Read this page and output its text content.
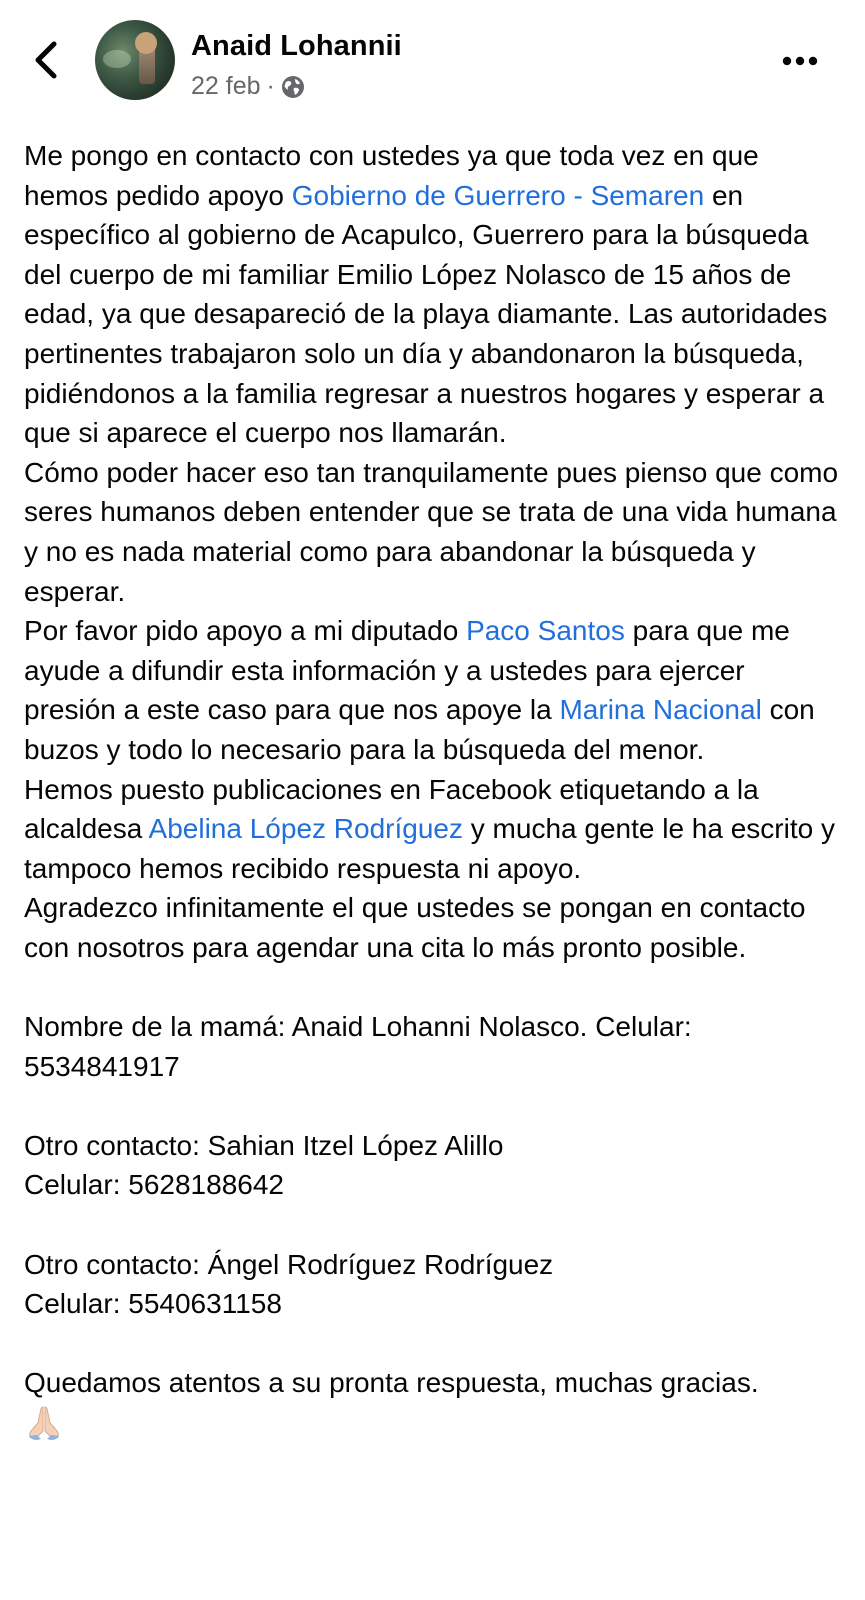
Anaid Lohannii
22 feb ·

Me pongo en contacto con ustedes ya que toda vez en que hemos pedido apoyo Gobierno de Guerrero - Semaren en específico al gobierno de Acapulco, Guerrero para la búsqueda del cuerpo de mi familiar Emilio López Nolasco de 15 años de edad, ya que desapareció de la playa diamante. Las autoridades pertinentes trabajaron solo un día y abandonaron la búsqueda, pidiéndonos a la familia regresar a nuestros hogares y esperar a que si aparece el cuerpo nos llamarán.

Cómo poder hacer eso tan tranquilamente pues pienso que como seres humanos deben entender que se trata de una vida humana y no es nada material como para abandonar la búsqueda y esperar.

Por favor pido apoyo a mi diputado Paco Santos para que me ayude a difundir esta información y a ustedes para ejercer presión a este caso para que nos apoye la Marina Nacional con buzos y todo lo necesario para la búsqueda del menor.

Hemos puesto publicaciones en Facebook etiquetando a la alcaldesa Abelina López Rodríguez y mucha gente le ha escrito y tampoco hemos recibido respuesta ni apoyo.

Agradezco infinitamente el que ustedes se pongan en contacto con nosotros para agendar una cita lo más pronto posible.

Nombre de la mamá: Anaid Lohanni Nolasco. Celular:

5534841917

Otro contacto: Sahian Itzel López Alillo

Celular: 5628188642

Otro contacto: Ángel Rodríguez Rodríguez

Celular: 5540631158

Quedamos atentos a su pronta respuesta, muchas gracias.
